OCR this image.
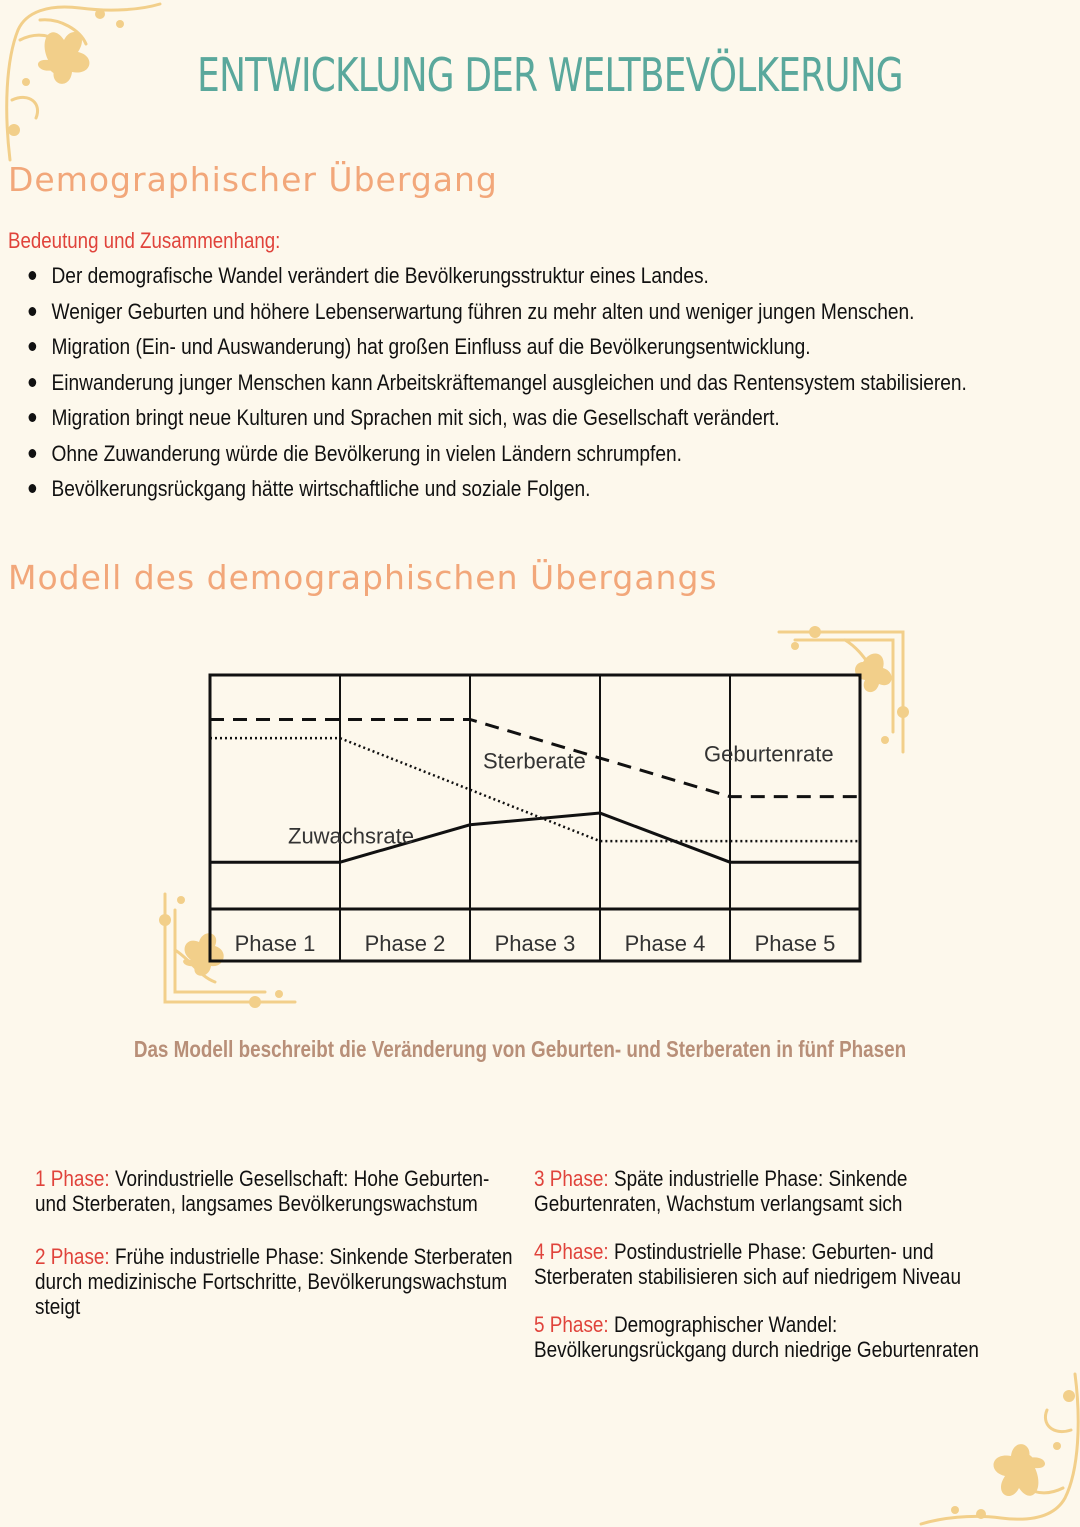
ENTWICKLUNG DER WELTBEVÖLKERUNG
Demographischer Übergang
Bedeutung und Zusammenhang:
Der demografische Wandel verändert die Bevölkerungsstruktur eines Landes.
Weniger Geburten und höhere Lebenserwartung führen zu mehr alten und weniger jungen Menschen.
Migration (Ein- und Auswanderung) hat großen Einfluss auf die Bevölkerungsentwicklung.
Einwanderung junger Menschen kann Arbeitskräftemangel ausgleichen und das Rentensystem stabilisieren.
Migration bringt neue Kulturen und Sprachen mit sich, was die Gesellschaft verändert.
Ohne Zuwanderung würde die Bevölkerung in vielen Ländern schrumpfen.
Bevölkerungsrückgang hätte wirtschaftliche und soziale Folgen.
Modell des demographischen Übergangs
Geburtenrate
Sterberate
Zuwachsrate
Phase 1 Phase 2 Phase 3 Phase 4 Phase 5
Das Modell beschreibt die Veränderung von Geburten- und Sterberaten in fünf Phasen
1 Phase: Vorindustrielle Gesellschaft: Hohe Geburten- und Sterberaten, langsames Bevölkerungswachstum
2 Phase: Frühe industrielle Phase: Sinkende Sterberaten durch medizinische Fortschritte, Bevölkerungswachstum steigt
3 Phase: Späte industrielle Phase: Sinkende Geburtenraten, Wachstum verlangsamt sich
4 Phase: Postindustrielle Phase: Geburten- und Sterberaten stabilisieren sich auf niedrigem Niveau
5 Phase: Demographischer Wandel: Bevölkerungsrückgang durch niedrige Geburtenraten
